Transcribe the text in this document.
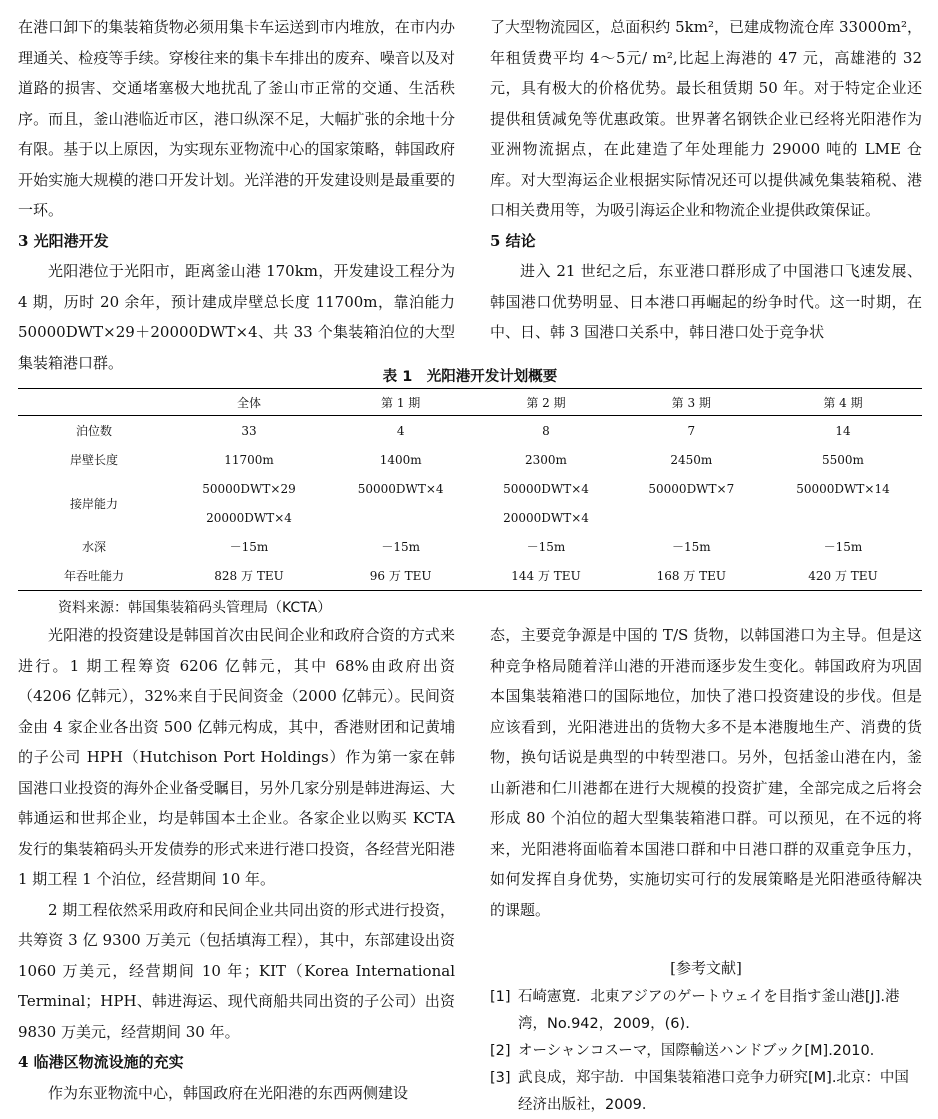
在港口卸下的集装箱货物必须用集卡车运送到市内堆放，在市内办理通关、检疫等手续。穿梭往来的集卡车排出的废弃、噪音以及对道路的损害、交通堵塞极大地扰乱了釜山市正常的交通、生活秩序。而且，釜山港临近市区，港口纵深不足，大幅扩张的余地十分有限。基于以上原因，为实现东亚物流中心的国家策略，韩国政府开始实施大规模的港口开发计划。光洋港的开发建设则是最重要的一环。

3 光阳港开发

光阳港位于光阳市，距离釜山港 170km，开发建设工程分为 4 期，历时 20 余年，预计建成岸壁总长度 11700m，靠泊能力 50000DWT×29＋20000DWT×4、共 33 个集装箱泊位的大型集装箱港口群。

了大型物流园区，总面积约 5km²，已建成物流仓库 33000m²，年租赁费平均 4～5元/ m²,比起上海港的 47 元，高雄港的 32 元，具有极大的价格优势。最长租赁期 50 年。对于特定企业还提供租赁减免等优惠政策。世界著名钢铁企业已经将光阳港作为亚洲物流据点，在此建造了年处理能力 29000 吨的 LME 仓库。对大型海运企业根据实际情况还可以提供减免集装箱税、港口相关费用等，为吸引海运企业和物流企业提供政策保证。

5 结论

进入 21 世纪之后，东亚港口群形成了中国港口飞速发展、韩国港口优势明显、日本港口再崛起的纷争时代。这一时期，在中、日、韩 3 国港口关系中，韩日港口处于竞争状

表 1　光阳港开发计划概要
	全体	第 1 期	第 2 期	第 3 期	第 4 期
泊位数	33	4	8	7	14
岸壁长度	11700m	1400m	2300m	2450m	5500m
接岸能力	50000DWT×29	50000DWT×4	50000DWT×4	50000DWT×7	50000DWT×14
	20000DWT×4		20000DWT×4		
水深	－15m	－15m	－15m	－15m	－15m
年吞吐能力	828 万 TEU	96 万 TEU	144 万 TEU	168 万 TEU	420 万 TEU
资料来源：韩国集装箱码头管理局（KCTA）

光阳港的投资建设是韩国首次由民间企业和政府合资的方式来进行。1 期工程筹资 6206 亿韩元，其中 68%由政府出资（4206 亿韩元），32%来自于民间资金（2000 亿韩元）。民间资金由 4 家企业各出资 500 亿韩元构成，其中，香港财团和记黄埔的子公司 HPH（Hutchison Port Holdings）作为第一家在韩国港口业投资的海外企业备受瞩目，另外几家分别是韩进海运、大韩通运和世邦企业，均是韩国本土企业。各家企业以购买 KCTA 发行的集装箱码头开发债券的形式来进行港口投资，各经营光阳港 1 期工程 1 个泊位，经营期间 10 年。

2 期工程依然采用政府和民间企业共同出资的形式进行投资，共筹资 3 亿 9300 万美元（包括填海工程），其中，东部建设出资 1060 万美元，经营期间 10 年；KIT（Korea International Terminal；HPH、韩进海运、现代商船共同出资的子公司）出资 9830 万美元，经营期间 30 年。

4 临港区物流设施的充实

作为东亚物流中心，韩国政府在光阳港的东西两侧建设

态，主要竞争源是中国的 T/S 货物，以韩国港口为主导。但是这种竞争格局随着洋山港的开港而逐步发生变化。韩国政府为巩固本国集装箱港口的国际地位，加快了港口投资建设的步伐。但是应该看到，光阳港进出的货物大多不是本港腹地生产、消费的货物，换句话说是典型的中转型港口。另外，包括釜山港在内，釜山新港和仁川港都在进行大规模的投资扩建，全部完成之后将会形成 80 个泊位的超大型集装箱港口群。可以预见，在不远的将来，光阳港将面临着本国港口群和中日港口群的双重竞争压力，如何发挥自身优势，实施切实可行的发展策略是光阳港亟待解决的课题。

[参考文献]

[1] 石崎憲寛．北東アジアのゲートウェイを目指す釜山港[J].港湾，No.942，2009，(6).
[2] オーシャンコスーマ，国際輸送ハンドブック[M].2010．
[3] 武良成，郑宇劼．中国集装箱港口竞争力研究[M].北京：中国经济出版社，2009．
